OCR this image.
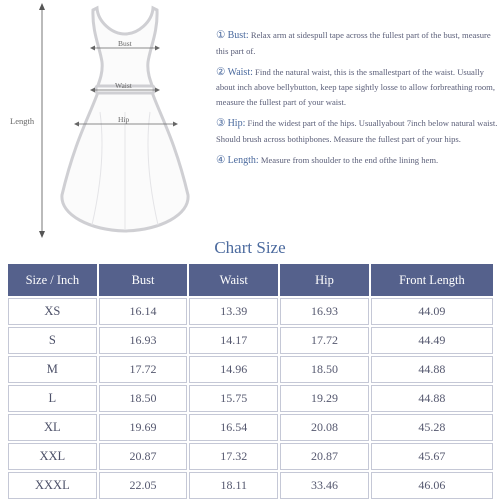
Length
Bust
Waist
Hip
① Bust: Relax arm at sidespull tape across the fullest part of the bust, measure this part of.
② Waist: Find the natural waist, this is the smallestpart of the waist. Usually about inch above bellybutton, keep tape sightly losse to allow forbreathing room, measure the fullest part of your waist.
③ Hip: Find the widest part of the hips. Usuallyabout 7inch below natural waist. Should brush across bothipbones. Measure the fullest part of your hips.
④ Length: Measure from shoulder to the end ofthe lining hem.
Chart Size
Size / Inch	Bust	Waist	Hip	Front Length
XS	16.14	13.39	16.93	44.09
S	16.93	14.17	17.72	44.49
M	17.72	14.96	18.50	44.88
L	18.50	15.75	19.29	44.88
XL	19.69	16.54	20.08	45.28
XXL	20.87	17.32	20.87	45.67
XXXL	22.05	18.11	33.46	46.06
